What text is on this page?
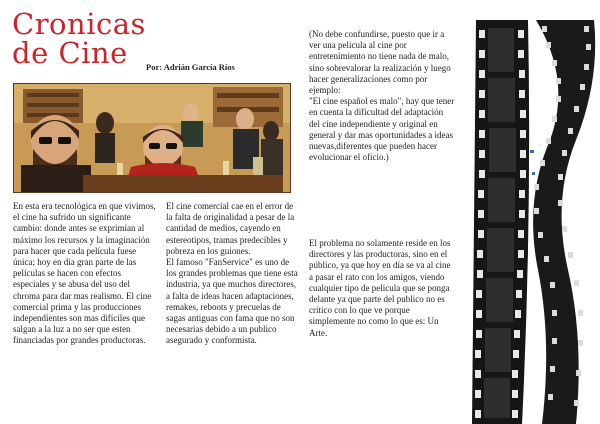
Cronicas
de Cine	Por: Adrián García Ríos

En esta era tecnológica en que vivimos, el cine ha sufrido un significante cambio: donde antes se exprimían al máximo los recursos y la imaginación para hacer que cada película fuese única; hoy en día gran parte de las películas se hacen con efectos especiales y se abusa del uso del chroma para dar mas realismo. El cine comercial prima y las producciones independientes son mas difíciles que salgan a la luz a no ser que esten financiadas por grandes productoras.

El cine comercial cae en el error de la falta de originalidad a pesar de la cantidad de medios, cayendo en estereotipos, tramas predecibles y pobreza en los guiones.

El famoso "FanService" es uno de los grandes problemas que tiene esta industria, ya que muchos directores, a falta de ideas hacen adaptaciones, remakes, reboots y precuelas de sagas antiguas con fama que no son necesarias debido a un publico asegurado y conformista.

(No debe confundirse, puesto que ir a ver una pelicula al cine por entretenimiento no tiene nada de malo, sino sobrevalorar la realización y luego hacer generalizaciones como por ejemplo:

"El cine español es malo", hay que tener en cuenta la dificultad del adaptación del cine independiente y original en general y dar mas oportunidades a ideas nuevas,diferentes que pueden hacer evolucionar el oficio.)

El problema no solamente reside en los directores y las productoras, sino en el público, ya que hoy en día se va al cine a pasar el rato con los amigos, viendo cualquier tipo de pelicula que se ponga delante ya que parte del publico no es crítico con lo que ve porque simplemente no como lo que es: Un Arte.
